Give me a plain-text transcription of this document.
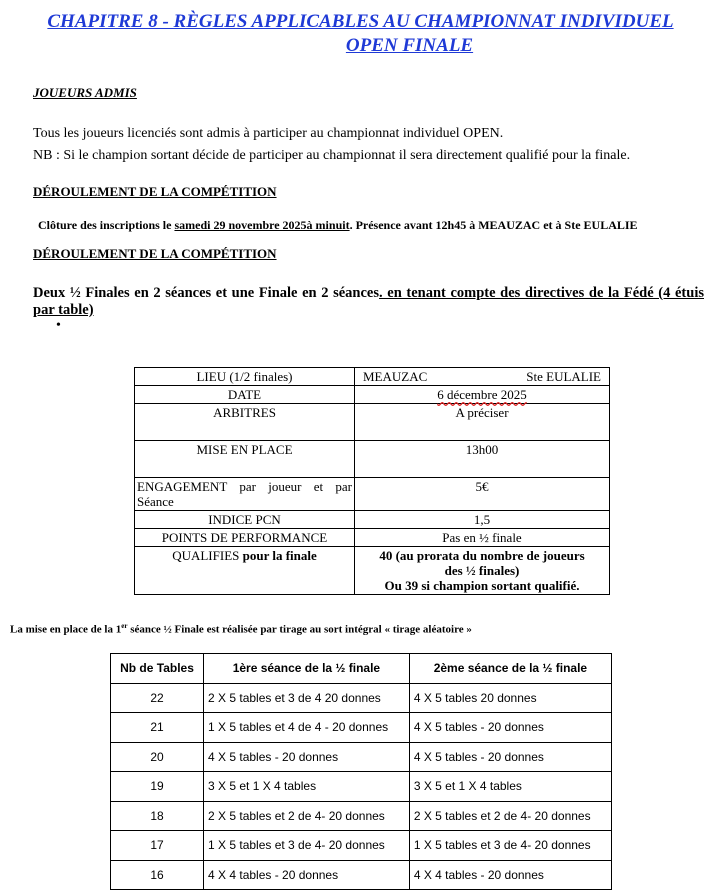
CHAPITRE 8 - RÈGLES APPLICABLES AU CHAMPIONNAT INDIVIDUEL
OPEN FINALE
JOUEURS ADMIS
Tous les joueurs licenciés sont admis à participer au championnat individuel OPEN.
NB : Si le champion sortant décide de participer au championnat il sera directement qualifié pour la finale.
DÉROULEMENT DE LA COMPÉTITION
Clôture des inscriptions le samedi 29 novembre 2025à minuit. Présence avant 12h45 à MEAUZAC et à Ste EULALIE
DÉROULEMENT DE LA COMPÉTITION
Deux ½ Finales en 2 séances et une Finale en 2 séances. en tenant compte des directives de la Fédé (4 étuis par table)
•
LIEU (1/2 finales)	MEAUZAC Ste EULALIE

DATE	6 décembre 2025
ARBITRES	A préciser
MISE EN PLACE	13h00
ENGAGEMENT par joueur et par Séance	5€
INDICE PCN	1,5
POINTS DE PERFORMANCE	Pas en ½ finale
QUALIFIES pour la finale	40 (au prorata du nombre de joueurs
des ½ finales)
Ou 39 si champion sortant qualifié.
La mise en place de la 1er séance ½ Finale est réalisée par tirage au sort intégral « tirage aléatoire »
Nb de Tables	1ère séance de la ½ finale	2ème séance de la ½ finale
22	2 X 5 tables et 3 de 4 20 donnes	4 X 5 tables 20 donnes
21	1 X 5 tables et 4 de 4 - 20 donnes	4 X 5 tables - 20 donnes
20	4 X 5 tables - 20 donnes	4 X 5 tables - 20 donnes
19	3 X 5 et 1 X 4 tables	3 X 5 et 1 X 4 tables
18	2 X 5 tables et 2 de 4- 20 donnes	2 X 5 tables et 2 de 4- 20 donnes
17	1 X 5 tables et 3 de 4- 20 donnes	1 X 5 tables et 3 de 4- 20 donnes
16	4 X 4 tables - 20 donnes	4 X 4 tables - 20 donnes
